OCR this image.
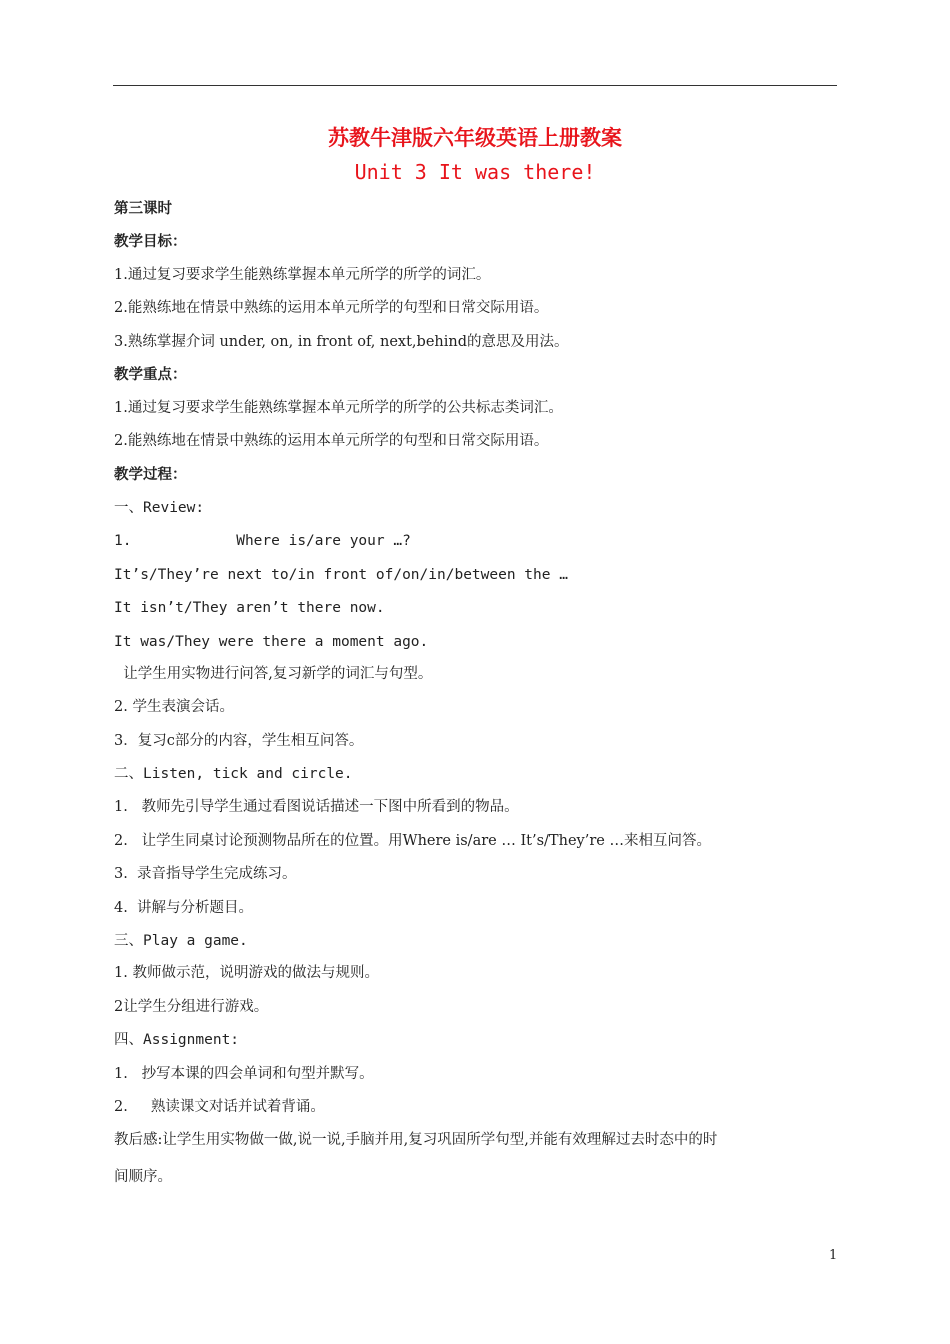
苏教牛津版六年级英语上册教案
Unit 3 It was there!
第三课时
教学目标：
1.通过复习要求学生能熟练掌握本单元所学的所学的词汇。
2.能熟练地在情景中熟练的运用本单元所学的句型和日常交际用语。
3.熟练掌握介词 under, on, in front of, next,behind的意思及用法。
教学重点：
1.通过复习要求学生能熟练掌握本单元所学的所学的公共标志类词汇。
2.能熟练地在情景中熟练的运用本单元所学的句型和日常交际用语。
教学过程：
一、Review:
1.            Where is/are your …?
It’s/They’re next to/in front of/on/in/between the …
It isn’t/They aren’t there now.
It was/They were there a moment ago.
让学生用实物进行问答,复习新学的词汇与句型。
2. 学生表演会话。
3．复习c部分的内容，学生相互问答。
二、Listen, tick and circle.
1.   教师先引导学生通过看图说话描述一下图中所看到的物品。
2.   让学生同桌讨论预测物品所在的位置。用Where is/are … It’s/They’re …来相互问答。
3.  录音指导学生完成练习。
4.  讲解与分析题目。
三、Play a game.
1. 教师做示范，说明游戏的做法与规则。
2让学生分组进行游戏。
四、Assignment:
1.   抄写本课的四会单词和句型并默写。
2.     熟读课文对话并试着背诵。
教后感:让学生用实物做一做,说一说,手脑并用,复习巩固所学句型,并能有效理解过去时态中的时
间顺序。
1
